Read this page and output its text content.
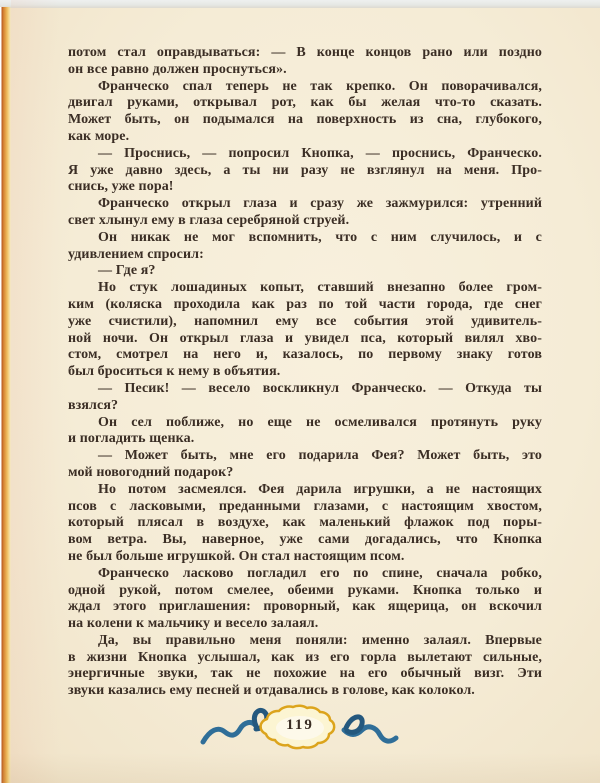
потом стал оправдываться: — В конце концов рано или поздно
он все равно должен проснуться».
Франческо спал теперь не так крепко. Он поворачивался,
двигал руками, открывал рот, как бы желая что-то сказать.
Может быть, он подымался на поверхность из сна, глубокого,
как море.
— Проснись, — попросил Кнопка, — проснись, Франческо.
Я уже давно здесь, а ты ни разу не взглянул на меня. Про-
снись, уже пора!
Франческо открыл глаза и сразу же зажмурился: утренний
свет хлынул ему в глаза серебряной струей.
Он никак не мог вспомнить, что с ним случилось, и с
удивлением спросил:
— Где я?
Но стук лошадиных копыт, ставший внезапно более гром-
ким (коляска проходила как раз по той части города, где снег
уже счистили), напомнил ему все события этой удивитель-
ной ночи. Он открыл глаза и увидел пса, который вилял хво-
стом, смотрел на него и, казалось, по первому знаку готов
был броситься к нему в объятия.
— Песик! — весело воскликнул Франческо. — Откуда ты
взялся?
Он сел поближе, но еще не осмеливался протянуть руку
и погладить щенка.
— Может быть, мне его подарила Фея? Может быть, это
мой новогодний подарок?
Но потом засмеялся. Фея дарила игрушки, а не настоящих
псов с ласковыми, преданными глазами, с настоящим хвостом,
который плясал в воздухе, как маленький флажок под поры-
вом ветра. Вы, наверное, уже сами догадались, что Кнопка
не был больше игрушкой. Он стал настоящим псом.
Франческо ласково погладил его по спине, сначала робко,
одной рукой, потом смелее, обеими руками. Кнопка только и
ждал этого приглашения: проворный, как ящерица, он вскочил
на колени к мальчику и весело залаял.
Да, вы правильно меня поняли: именно залаял. Впервые
в жизни Кнопка услышал, как из его горла вылетают сильные,
энергичные звуки, так не похожие на его обычный визг. Эти
звуки казались ему песней и отдавались в голове, как колокол.
119
